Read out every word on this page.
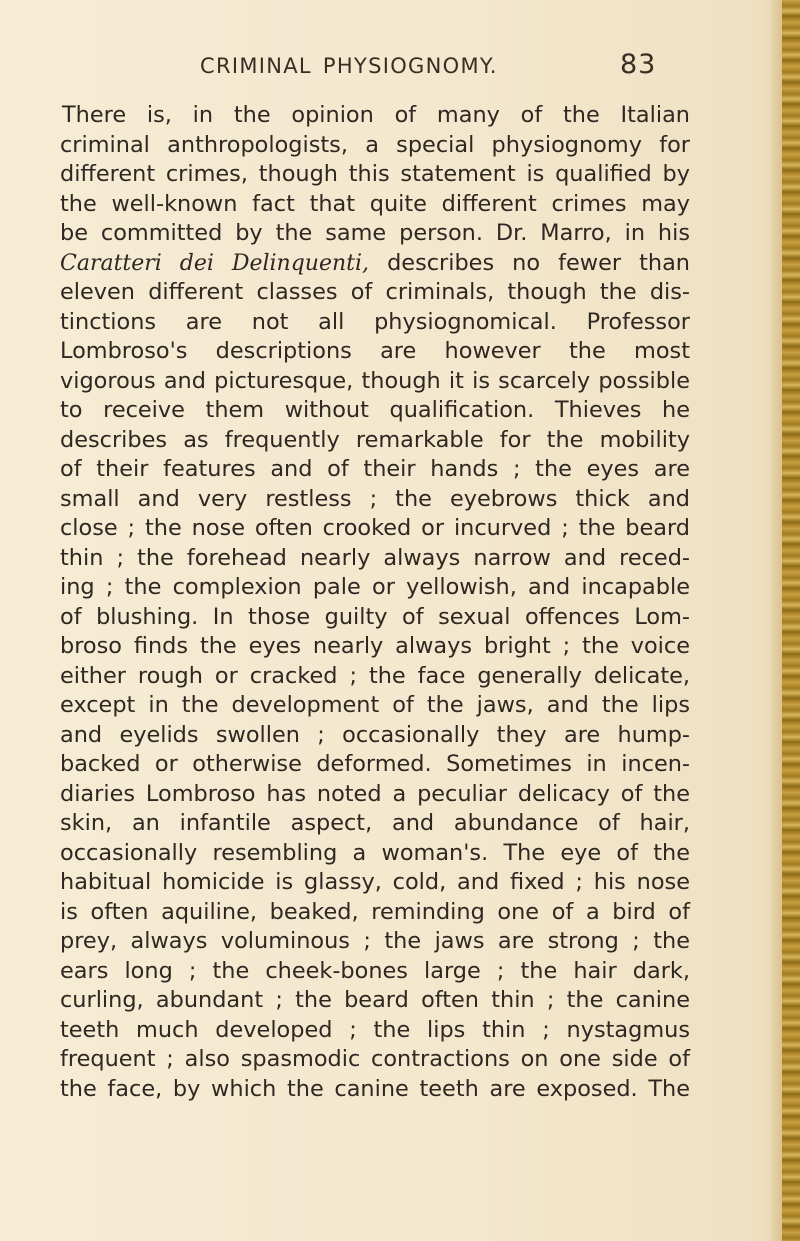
CRIMINAL PHYSIOGNOMY.	83
There is, in the opinion of many of the Italian
criminal anthropologists, a special physiognomy for
different crimes, though this statement is qualified by
the well-known fact that quite different crimes may
be committed by the same person. Dr. Marro, in his
Caratteri dei Delinquenti, describes no fewer than
eleven different classes of criminals, though the dis-
tinctions are not all physiognomical. Professor
Lombroso's descriptions are however the most
vigorous and picturesque, though it is scarcely possible
to receive them without qualification. Thieves he
describes as frequently remarkable for the mobility
of their features and of their hands ; the eyes are
small and very restless ; the eyebrows thick and
close ; the nose often crooked or incurved ; the beard
thin ; the forehead nearly always narrow and reced-
ing ; the complexion pale or yellowish, and incapable
of blushing. In those guilty of sexual offences Lom-
broso finds the eyes nearly always bright ; the voice
either rough or cracked ; the face generally delicate,
except in the development of the jaws, and the lips
and eyelids swollen ; occasionally they are hump-
backed or otherwise deformed. Sometimes in incen-
diaries Lombroso has noted a peculiar delicacy of the
skin, an infantile aspect, and abundance of hair,
occasionally resembling a woman's. The eye of the
habitual homicide is glassy, cold, and fixed ; his nose
is often aquiline, beaked, reminding one of a bird of
prey, always voluminous ; the jaws are strong ; the
ears long ; the cheek-bones large ; the hair dark,
curling, abundant ; the beard often thin ; the canine
teeth much developed ; the lips thin ; nystagmus
frequent ; also spasmodic contractions on one side of
the face, by which the canine teeth are exposed. The
